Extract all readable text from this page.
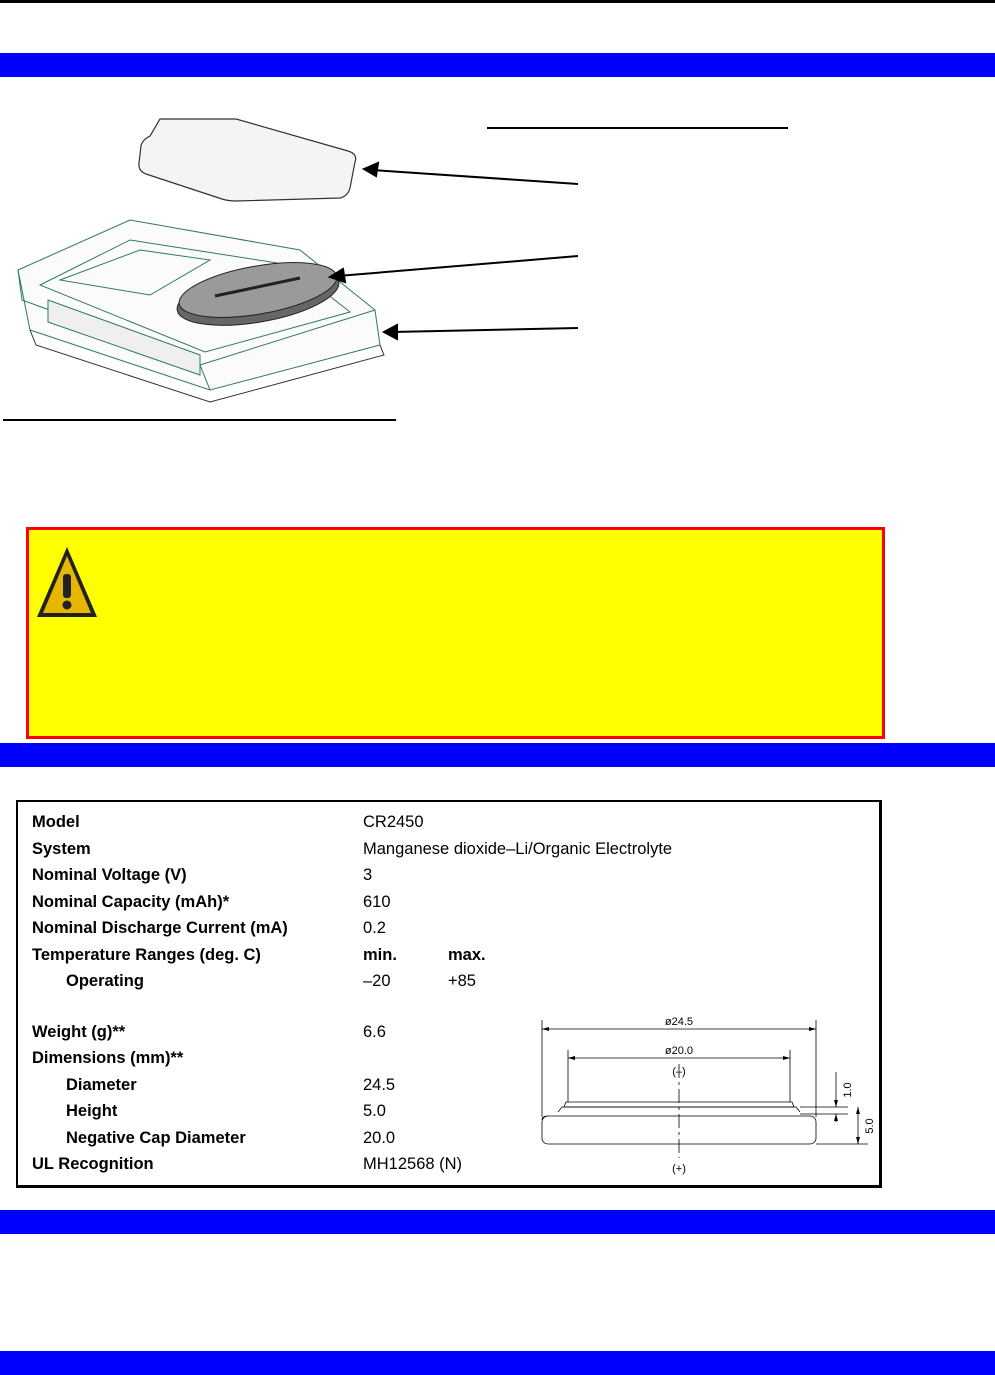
Model	CR2450
System	Manganese dioxide–Li/Organic Electrolyte
Nominal Voltage (V)	3
Nominal Capacity (mAh)*	610
Nominal Discharge Current (mA)	0.2
Temperature Ranges (deg. C)	min.	max.
Operating	–20	+85
Weight (g)**	6.6
Dimensions (mm)**
Diameter	24.5
Height	5.0
Negative Cap Diameter	20.0
UL Recognition	MH12568 (N)
ø24.5
ø20.0
(–)
(+)
1.0
5.0
